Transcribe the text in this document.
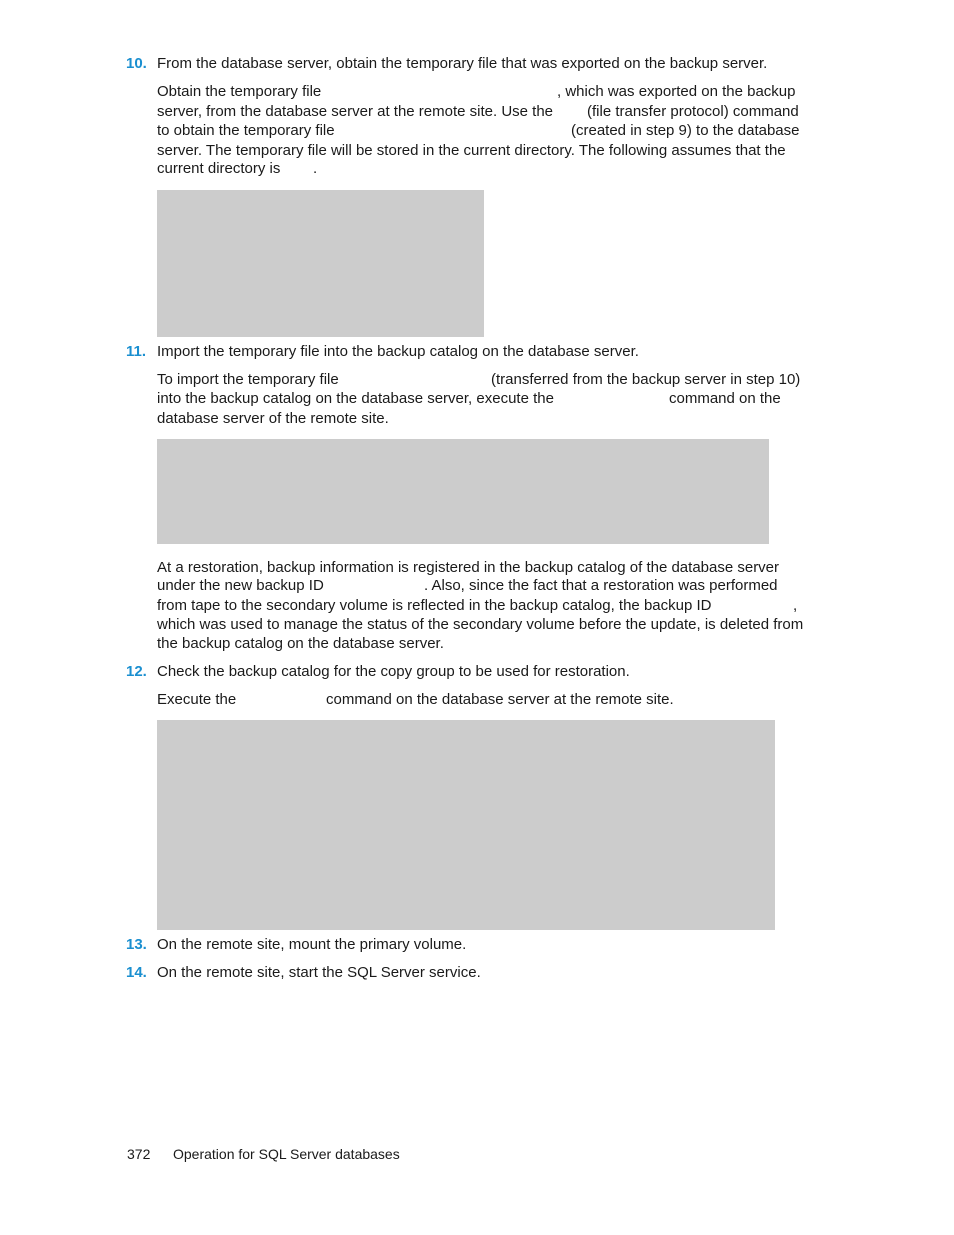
10. From the database server, obtain the temporary file that was exported on the backup server.
Obtain the temporary file	, which was exported on the backup
server, from the database server at the remote site. Use the (file transfer protocol) command
to obtain the temporary file	(created in step 9) to the database
server. The temporary file will be stored in the current directory. The following assumes that the
current directory is .
11. Import the temporary file into the backup catalog on the database server.
To import the temporary file	(transferred from the backup server in step 10)
into the backup catalog on the database server, execute the	command on the
database server of the remote site.
At a restoration, backup information is registered in the backup catalog of the database server
under the new backup ID	. Also, since the fact that a restoration was performed
from tape to the secondary volume is reflected in the backup catalog, the backup ID	,
which was used to manage the status of the secondary volume before the update, is deleted from
the backup catalog on the database server.
12. Check the backup catalog for the copy group to be used for restoration.
Execute the	command on the database server at the remote site.
13. On the remote site, mount the primary volume.
14. On the remote site, start the SQL Server service.
372 Operation for SQL Server databases
